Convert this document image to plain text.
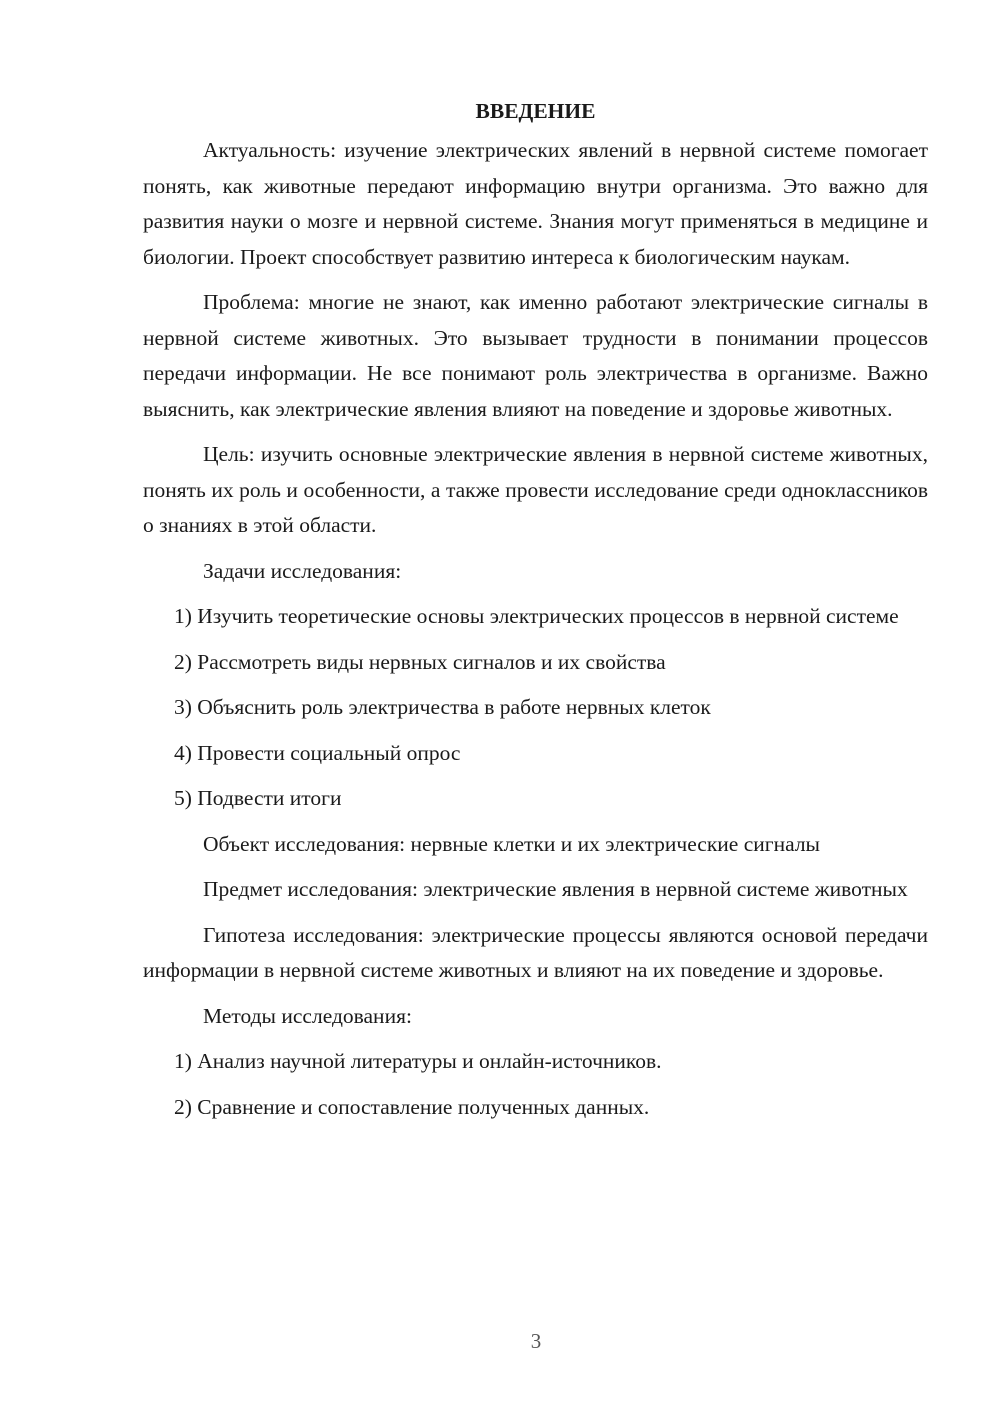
ВВЕДЕНИЕ

Актуальность: изучение электрических явлений в нервной системе помогает понять, как животные передают информацию внутри организма. Это важно для развития науки о мозге и нервной системе. Знания могут применяться в медицине и биологии. Проект способствует развитию интереса к биологическим наукам.

Проблема: многие не знают, как именно работают электрические сигналы в нервной системе животных. Это вызывает трудности в понимании процессов передачи информации. Не все понимают роль электричества в организме. Важно выяснить, как электрические явления влияют на поведение и здоровье животных.

Цель: изучить основные электрические явления в нервной системе животных, понять их роль и особенности, а также провести исследование среди одноклассников о знаниях в этой области.

Задачи исследования:

1) Изучить теоретические основы электрических процессов в нервной системе

2) Рассмотреть виды нервных сигналов и их свойства

3) Объяснить роль электричества в работе нервных клеток

4) Провести социальный опрос

5) Подвести итоги

Объект исследования: нервные клетки и их электрические сигналы

Предмет исследования: электрические явления в нервной системе животных

Гипотеза исследования: электрические процессы являются основой передачи информации в нервной системе животных и влияют на их поведение и здоровье.

Методы исследования:

1) Анализ научной литературы и онлайн-источников.

2) Сравнение и сопоставление полученных данных.

3
